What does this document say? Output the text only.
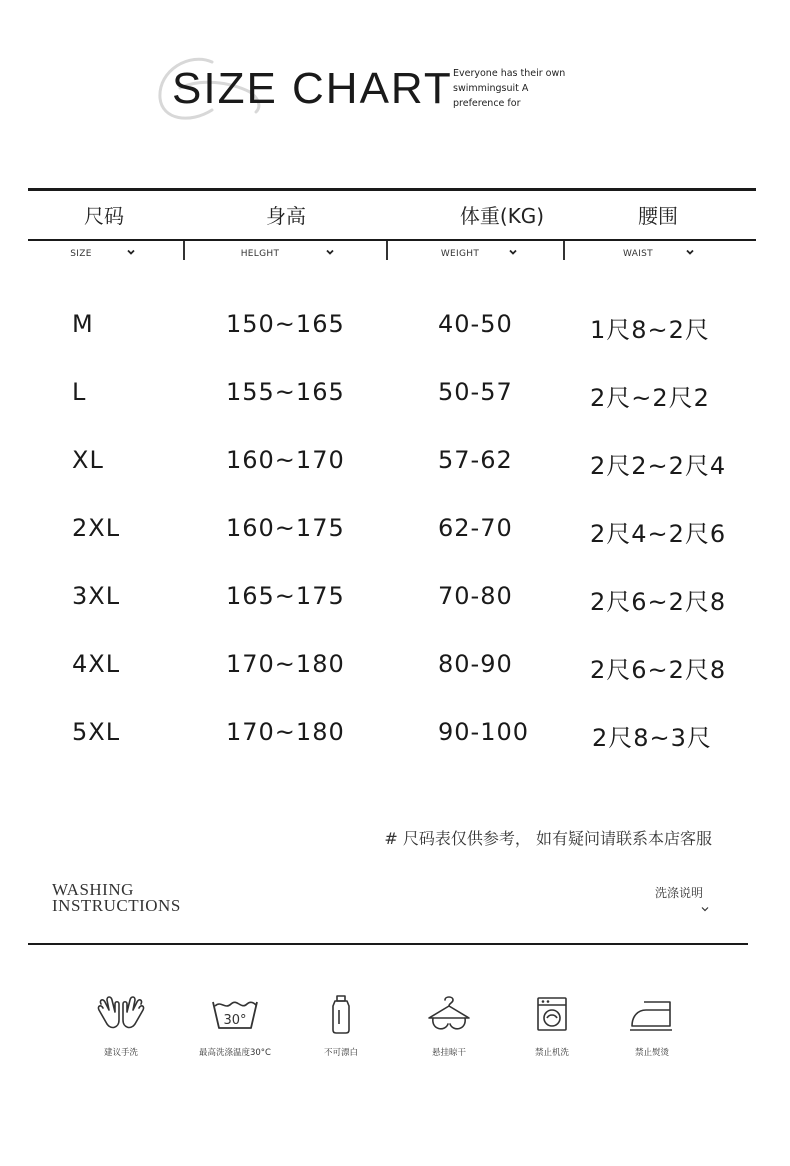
SIZE CHART Everyone has their own
swimmingsuit A
preference for
尺码	身高	体重(KG)	腰围
SIZE	HELGHT	WEIGHT	WAIST
M	150~165	40-50	1尺8~2尺
L	155~165	50-57	2尺~2尺2
XL	160~170	57-62	2尺2~2尺4
2XL	160~175	62-70	2尺4~2尺6
3XL	165~175	70-80	2尺6~2尺8
4XL	170~180	80-90	2尺6~2尺8
5XL	170~180	90-100	2尺8~3尺
# 尺码表仅供参考， 如有疑问请联系本店客服
WASHING
INSTRUCTIONS
洗涤说明
建议手洗
30°
最高洗涤温度30°C	不可漂白	悬挂晾干	禁止机洗	禁止熨烫
